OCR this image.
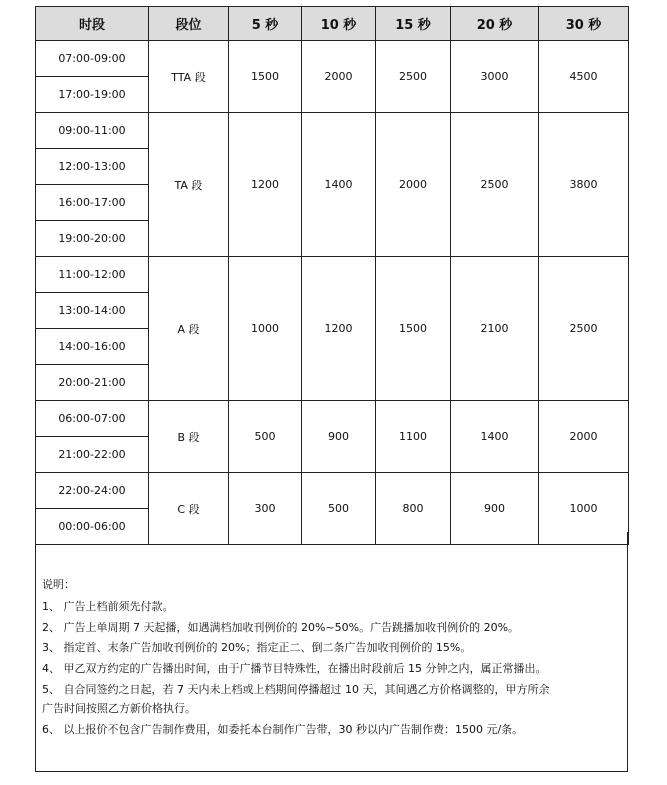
时段	段位	5 秒	10 秒	15 秒	20 秒	30 秒
07:00-09:00	TTA 段	1500	2000	2500	3000	4500
17:00-19:00						
09:00-11:00	TA 段	1200	1400	2000	2500	3800
12:00-13:00						
16:00-17:00						
19:00-20:00						
11:00-12:00	A 段	1000	1200	1500	2100	2500
13:00-14:00						
14:00-16:00						
20:00-21:00						
06:00-07:00	B 段	500	900	1100	1400	2000
21:00-22:00						
22:00-24:00	C 段	300	500	800	900	1000
00:00-06:00						
说明：
1、 广告上档前须先付款。
2、 广告上单周期 7 天起播，如遇满档加收刊例价的 20%~50%。广告跳播加收刊例价的 20%。
3、 指定首、末条广告加收刊例价的 20%；指定正二、倒二条广告加收刊例价的 15%。
4、 甲乙双方约定的广告播出时间，由于广播节目特殊性，在播出时段前后 15 分钟之内，属正常播出。
5、 自合同签约之日起，若 7 天内未上档或上档期间停播超过 10 天，其间遇乙方价格调整的，甲方所余
广告时间按照乙方新价格执行。
6、 以上报价不包含广告制作费用，如委托本台制作广告带，30 秒以内广告制作费：1500 元/条。
